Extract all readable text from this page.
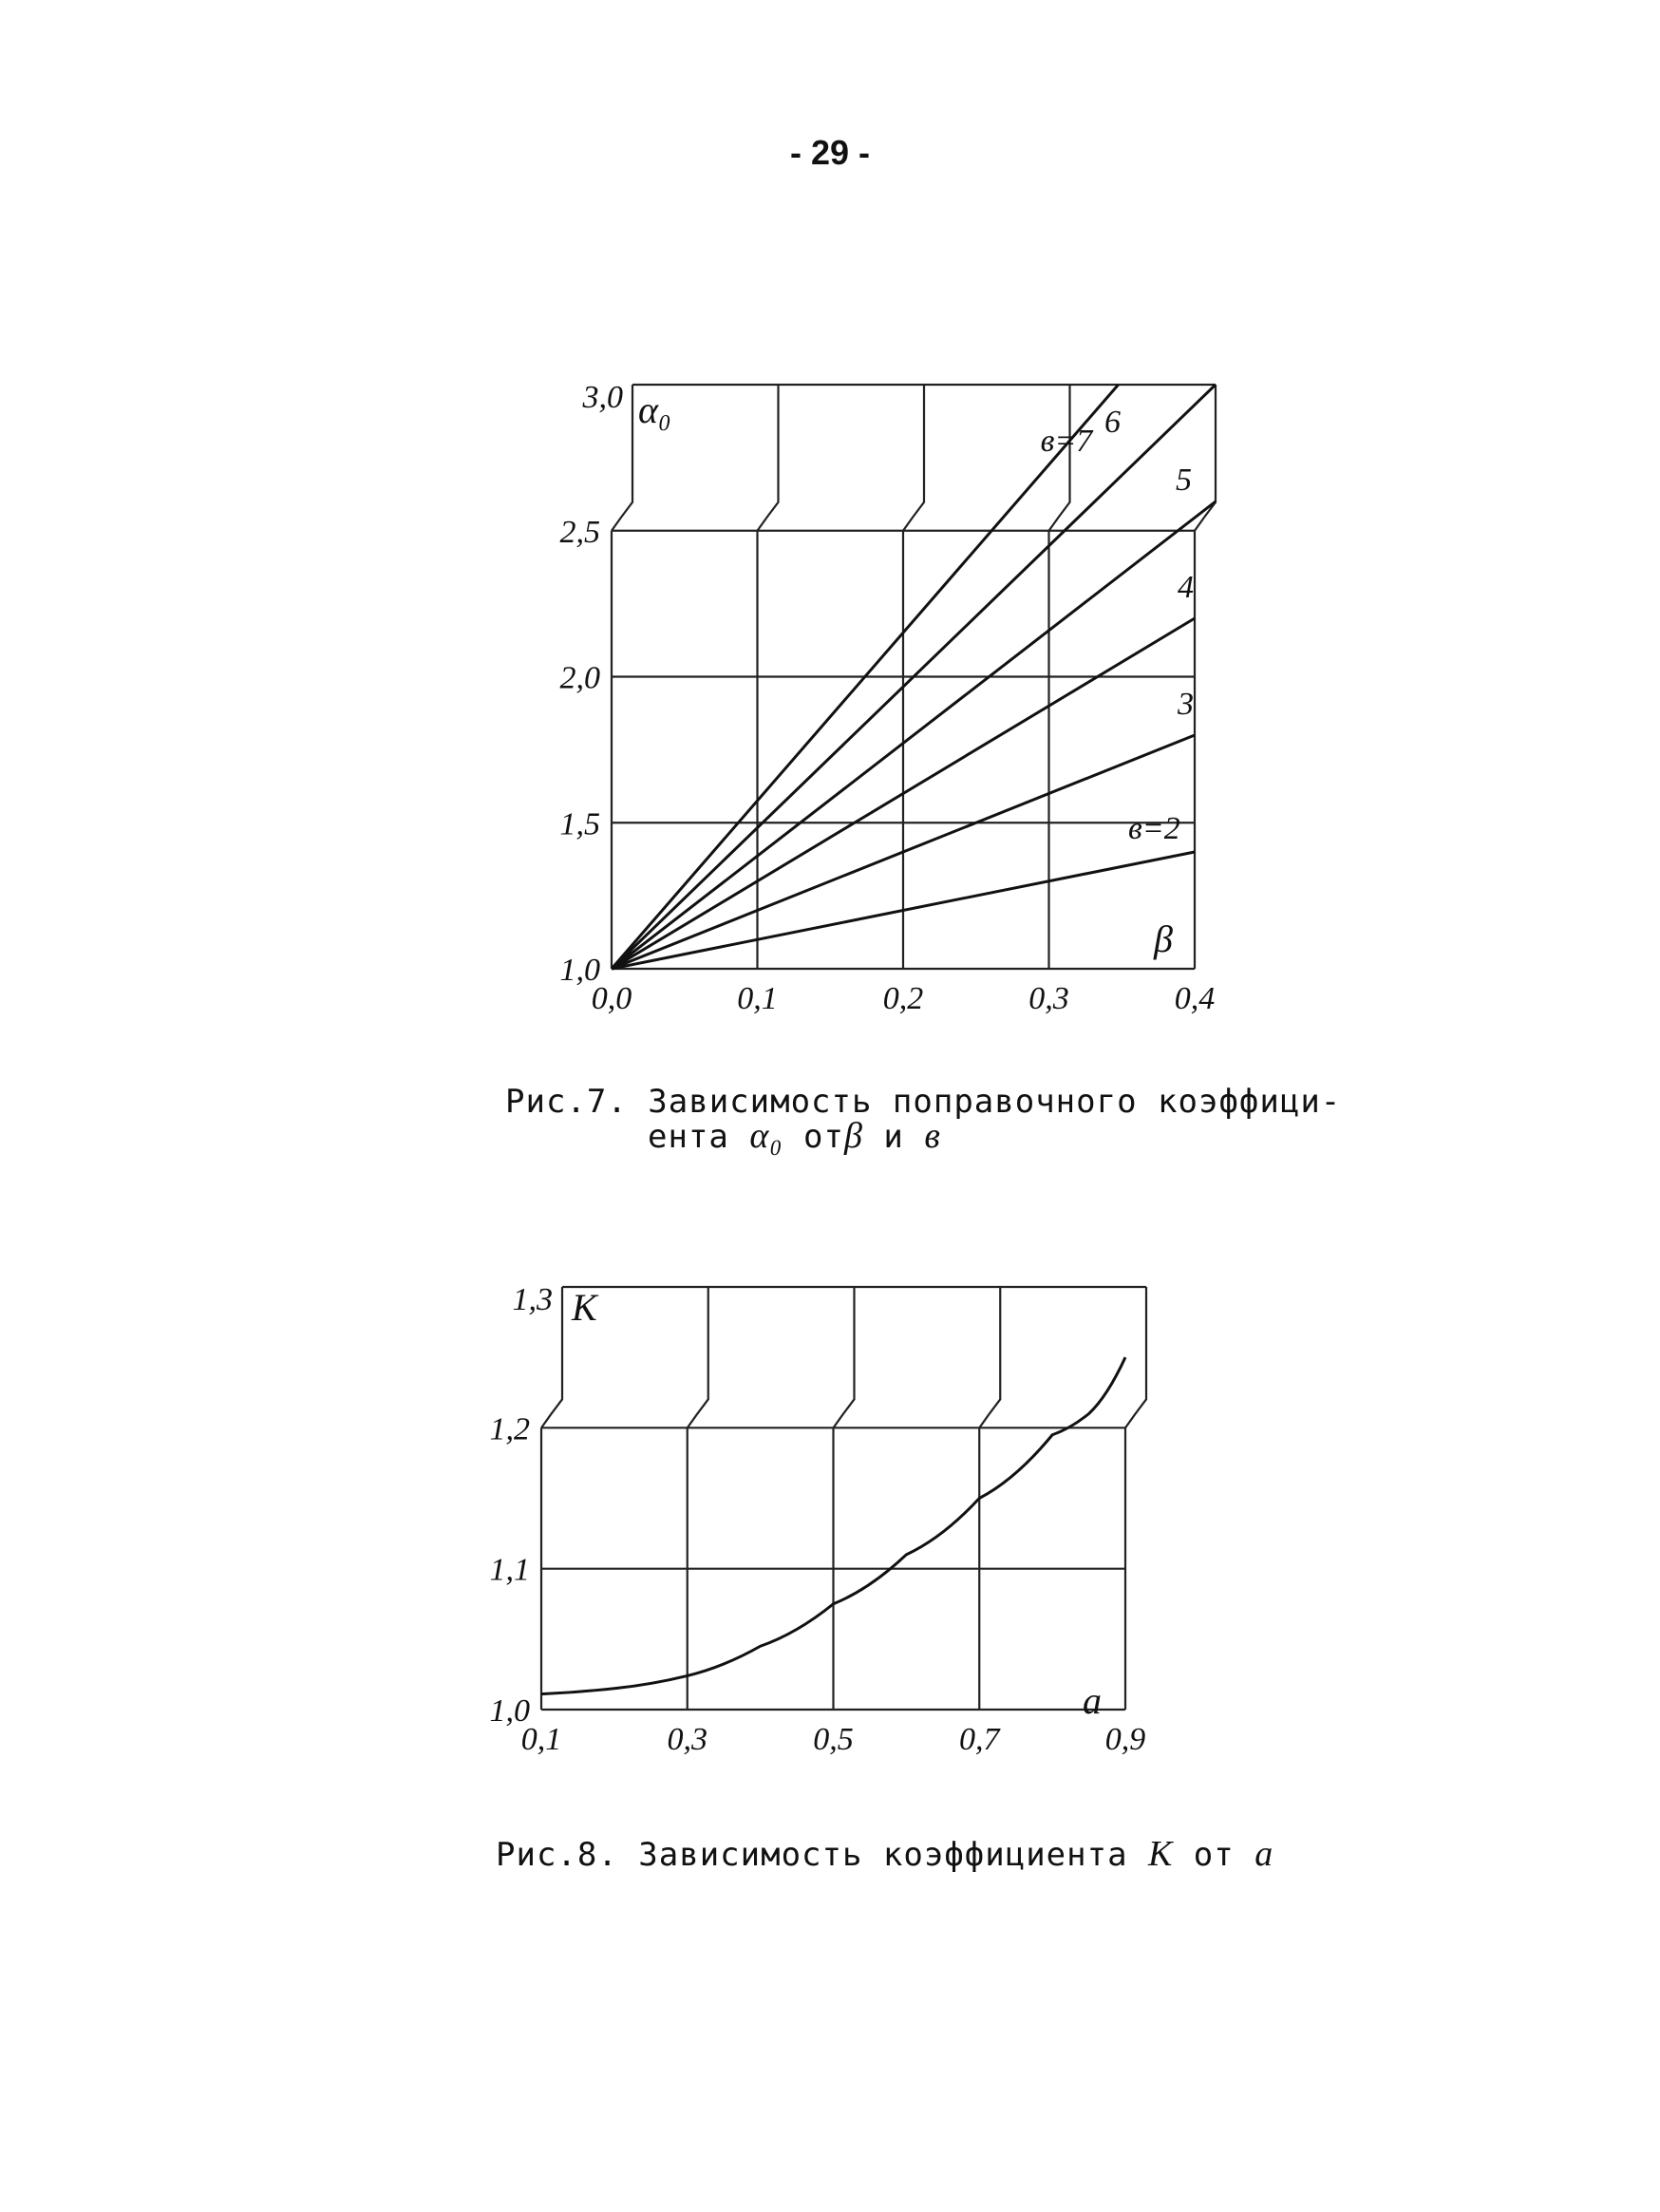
- 29 -
в=2
3
4
5
6
в=7
0,0	0,1	0,2	0,3	0,4
1,0
1,5
2,0
2,5
3,0 α₀
β
Рис.7. Зависимость поправочного коэффици-
ента α₀ отβ и в
0,1	0,3	0,5	0,7	0,9
1,0
1,1
1,2
1,3 K
a
Рис.8. Зависимость коэффициента К от a
